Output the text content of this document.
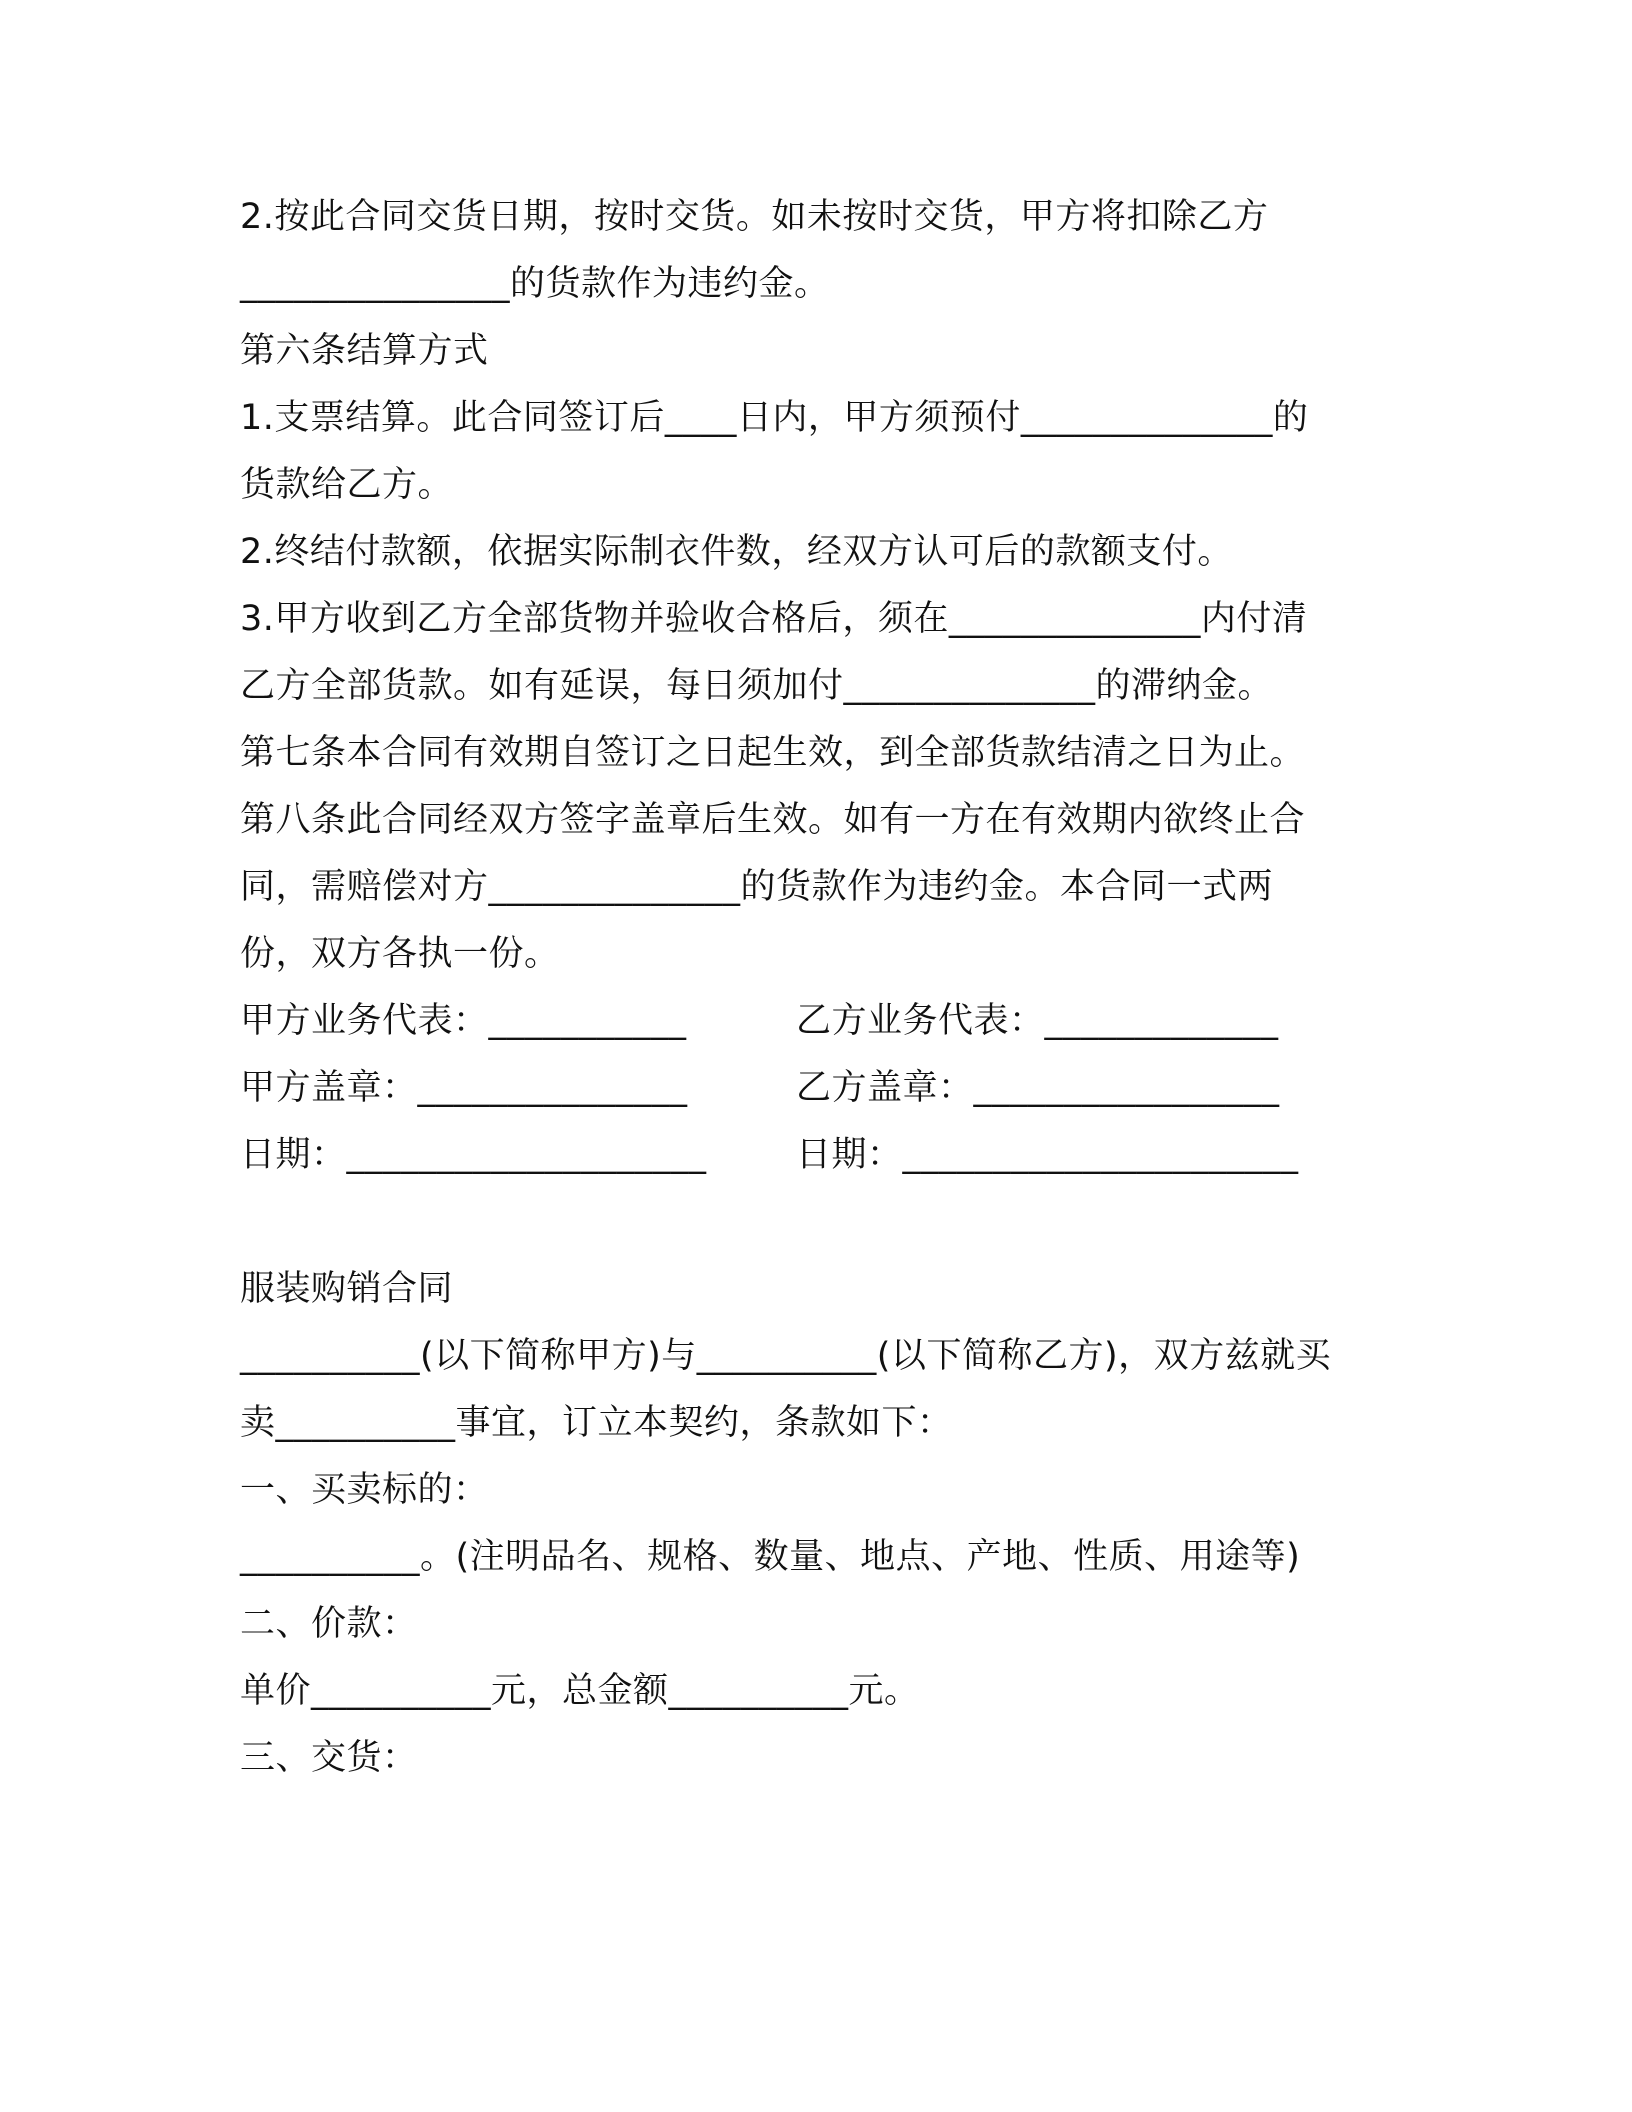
2.按此合同交货日期，按时交货。如未按时交货，甲方将扣除乙方
_______________的货款作为违约金。
第六条结算方式
1.支票结算。此合同签订后____日内，甲方须预付______________的
货款给乙方。
2.终结付款额，依据实际制衣件数，经双方认可后的款额支付。
3.甲方收到乙方全部货物并验收合格后，须在______________内付清
乙方全部货款。如有延误，每日须加付______________的滞纳金。
第七条本合同有效期自签订之日起生效，到全部货款结清之日为止。
第八条此合同经双方签字盖章后生效。如有一方在有效期内欲终止合
同，需赔偿对方______________的货款作为违约金。本合同一式两
份，双方各执一份。
甲方业务代表：___________	乙方业务代表：_____________
甲方盖章：_______________	乙方盖章：_________________
日期：____________________	日期：______________________
服装购销合同
__________(以下简称甲方)与__________(以下简称乙方)，双方兹就买
卖__________事宜，订立本契约，条款如下：
一、买卖标的：
__________。(注明品名、规格、数量、地点、产地、性质、用途等)
二、价款：
单价__________元，总金额__________元。
三、交货：
